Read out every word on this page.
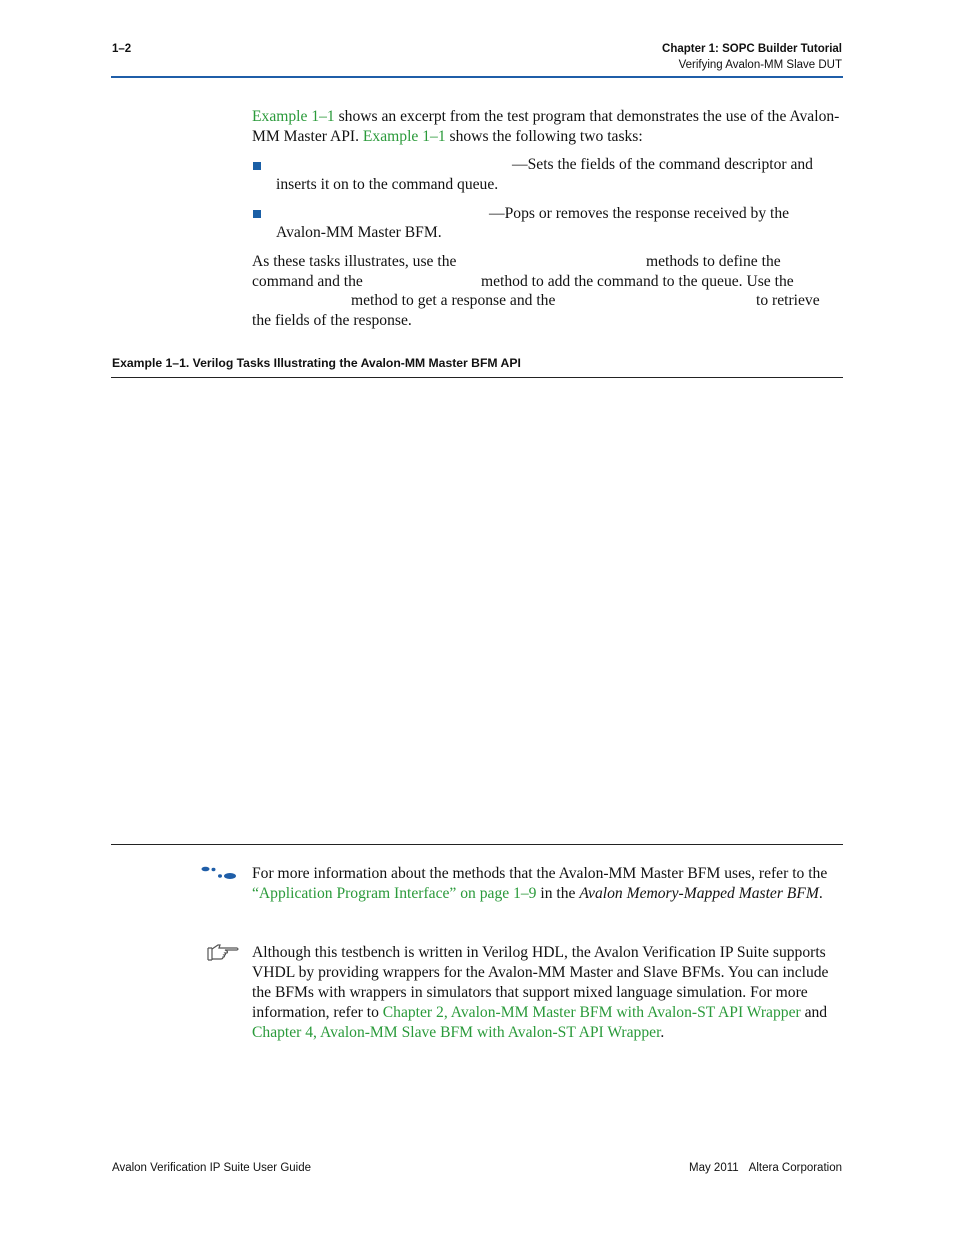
1–2	Chapter 1: SOPC Builder Tutorial
Verifying Avalon-MM Slave DUT
Example 1–1 shows an excerpt from the test program that demonstrates the use of the Avalon-MM Master API. Example 1–1 shows the following two tasks:
—Sets the fields of the command descriptor and
inserts it on to the command queue.
—Pops or removes the response received by the
Avalon-MM Master BFM.
As these tasks illustrates, use the	methods to define the
command and the	method to add the command to the queue. Use the
method to get a response and the	to retrieve
the fields of the response.
Example 1–1. Verilog Tasks Illustrating the Avalon-MM Master BFM API
For more information about the methods that the Avalon-MM Master BFM uses, refer to the “Application Program Interface” on page 1–9 in the Avalon Memory-Mapped Master BFM.
Although this testbench is written in Verilog HDL, the Avalon Verification IP Suite supports VHDL by providing wrappers for the Avalon-MM Master and Slave BFMs. You can include the BFMs with wrappers in simulators that support mixed language simulation. For more information, refer to Chapter 2, Avalon-MM Master BFM with Avalon-ST API Wrapper and Chapter 4, Avalon-MM Slave BFM with Avalon-ST API Wrapper.
Avalon Verification IP Suite User Guide	May 2011 Altera Corporation
